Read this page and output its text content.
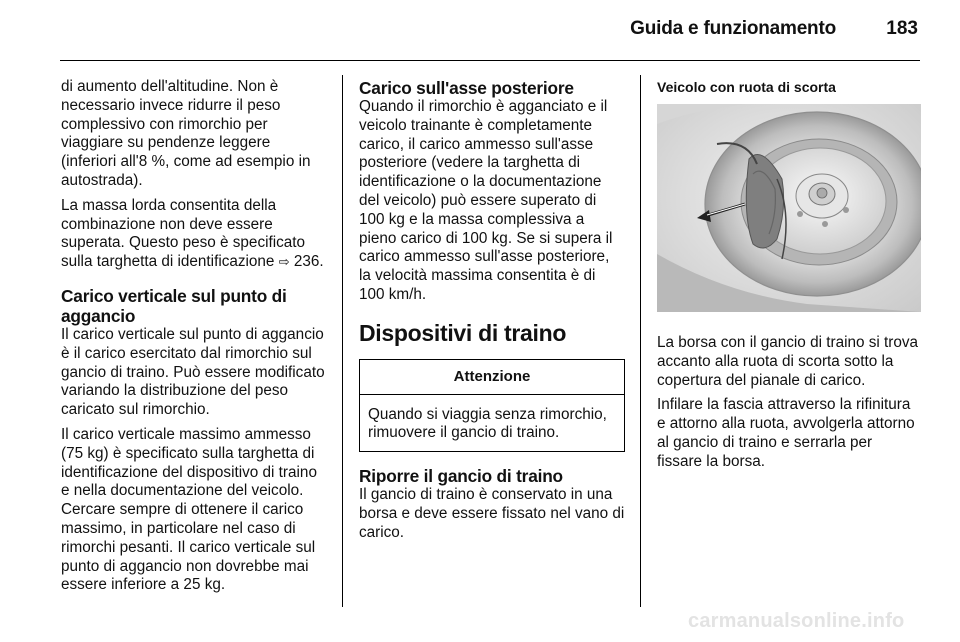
Guida e funzionamento	183

di aumento dell'altitudine. Non è necessario invece ridurre il peso complessivo con rimorchio per viaggiare su pendenze leggere (inferiori all'8 %, come ad esempio in autostrada).

La massa lorda consentita della combinazione non deve essere superata. Questo peso è specificato sulla targhetta di identificazione ⇨ 236.

Carico verticale sul punto di aggancio

Il carico verticale sul punto di aggancio è il carico esercitato dal rimorchio sul gancio di traino. Può essere modificato variando la distribuzione del peso caricato sul rimorchio.

Il carico verticale massimo ammesso (75 kg) è specificato sulla targhetta di identificazione del dispositivo di traino e nella documentazione del veicolo. Cercare sempre di ottenere il carico massimo, in particolare nel caso di rimorchi pesanti. Il carico verticale sul punto di aggancio non dovrebbe mai essere inferiore a 25 kg.

Carico sull'asse posteriore

Quando il rimorchio è agganciato e il veicolo trainante è completamente carico, il carico ammesso sull'asse posteriore (vedere la targhetta di identificazione o la documentazione del veicolo) può essere superato di 100 kg e la massa complessiva a pieno carico di 100 kg. Se si supera il carico ammesso sull'asse posteriore, la velocità massima consentita è di 100 km/h.

Dispositivi di traino
Attenzione
Quando si viaggia senza rimorchio, rimuovere il gancio di traino.
Riporre il gancio di traino

Il gancio di traino è conservato in una borsa e deve essere fissato nel vano di carico.

Veicolo con ruota di scorta

La borsa con il gancio di traino si trova accanto alla ruota di scorta sotto la copertura del pianale di carico.

Infilare la fascia attraverso la rifinitura e attorno alla ruota, avvolgerla attorno al gancio di traino e serrarla per fissare la borsa.

carmanualsonline.info
